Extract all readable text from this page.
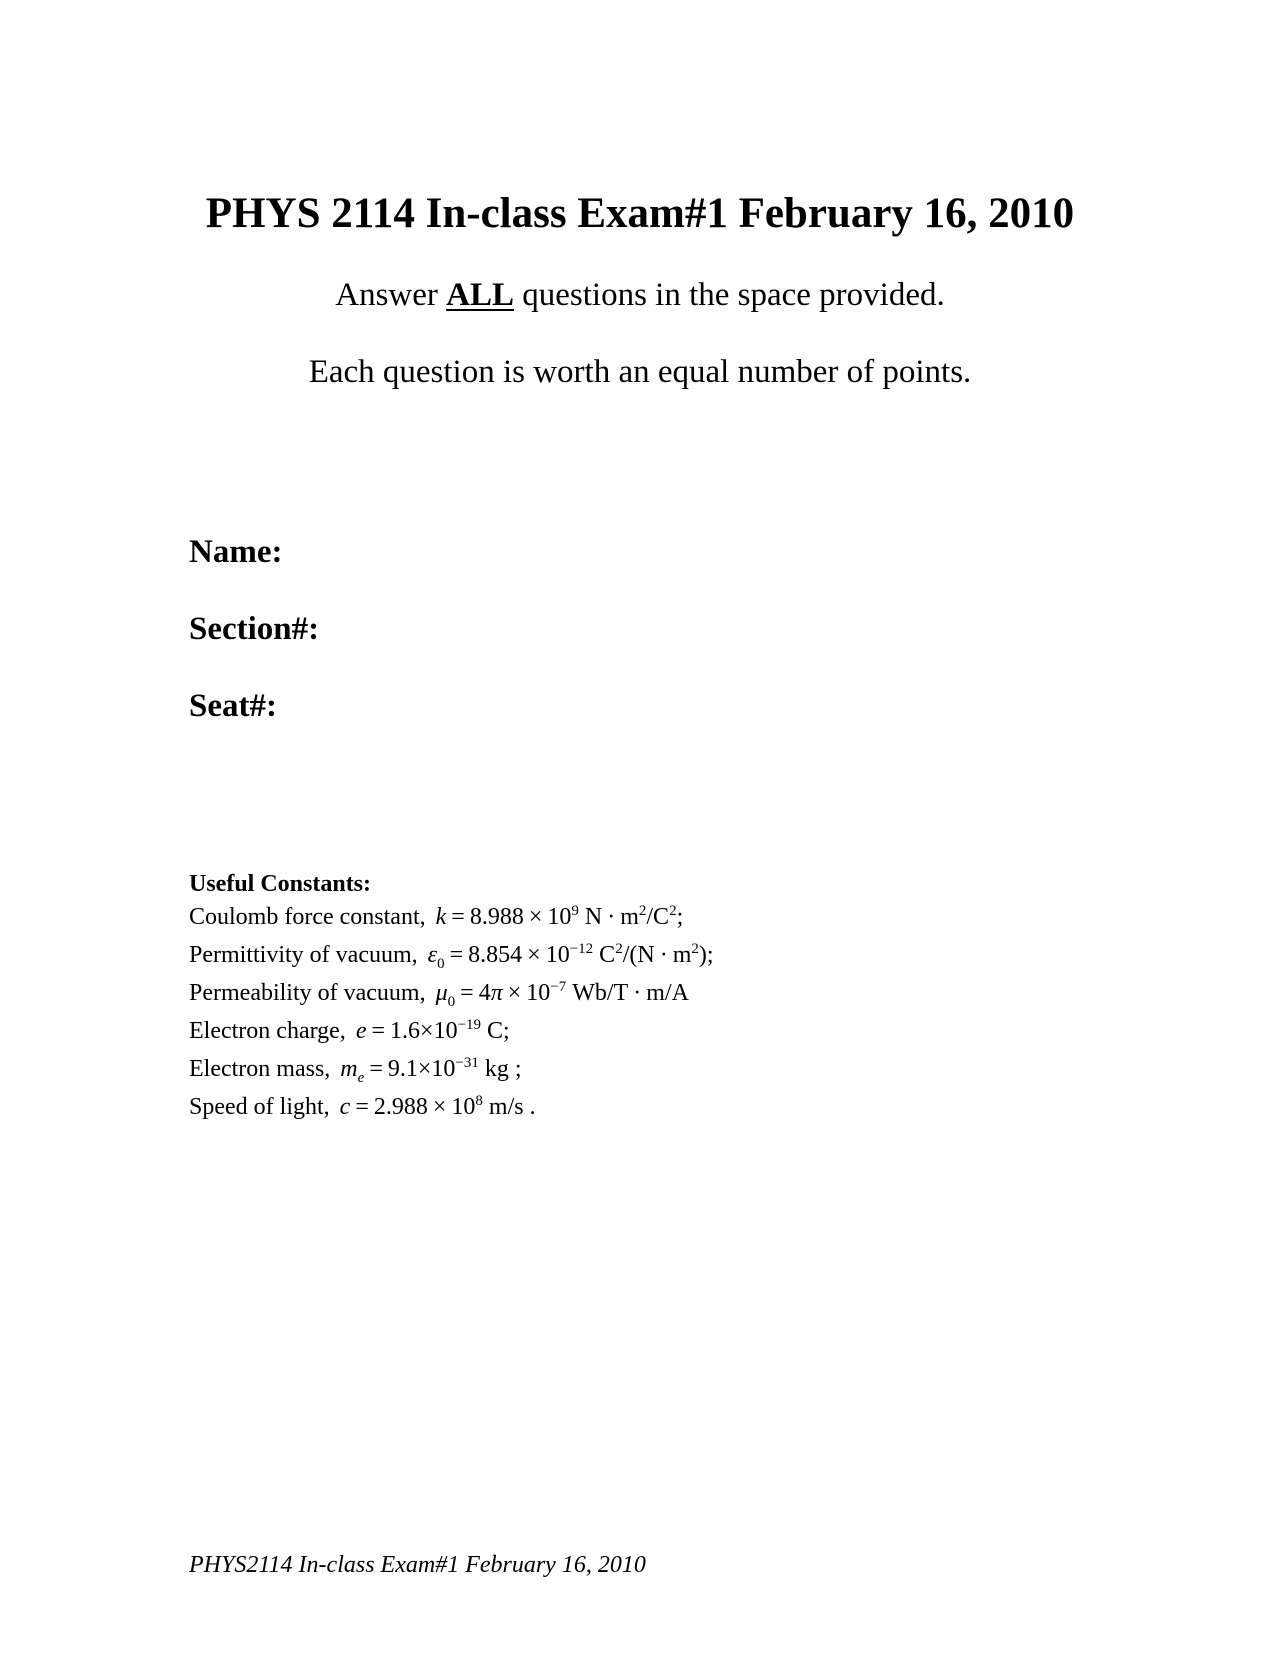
PHYS 2114 In-class Exam#1 February 16, 2010

Answer ALL questions in the space provided.

Each question is worth an equal number of points.

Name:
Section#:
Seat#:
Useful Constants:
Coulomb force constant, $k = 8.988 \times 10^9$ $N \cdot m^2/C^2$;
Permittivity of vacuum, $\varepsilon_0 = 8.854 \times 10^{-12}$ $C^2/(N \cdot m^2)$;
Permeability of vacuum, $\mu_0 = 4\pi \times 10^{-7}$ Wb/T · m/A
Electron charge, $e = 1.6\times 10^{-19}$ C;
Electron mass, $m_e = 9.1\times 10^{-31}$ kg ;
Speed of light, $c = 2.988 \times 10^8$ m/s .
PHYS2114 In-class Exam#1 February 16, 2010
